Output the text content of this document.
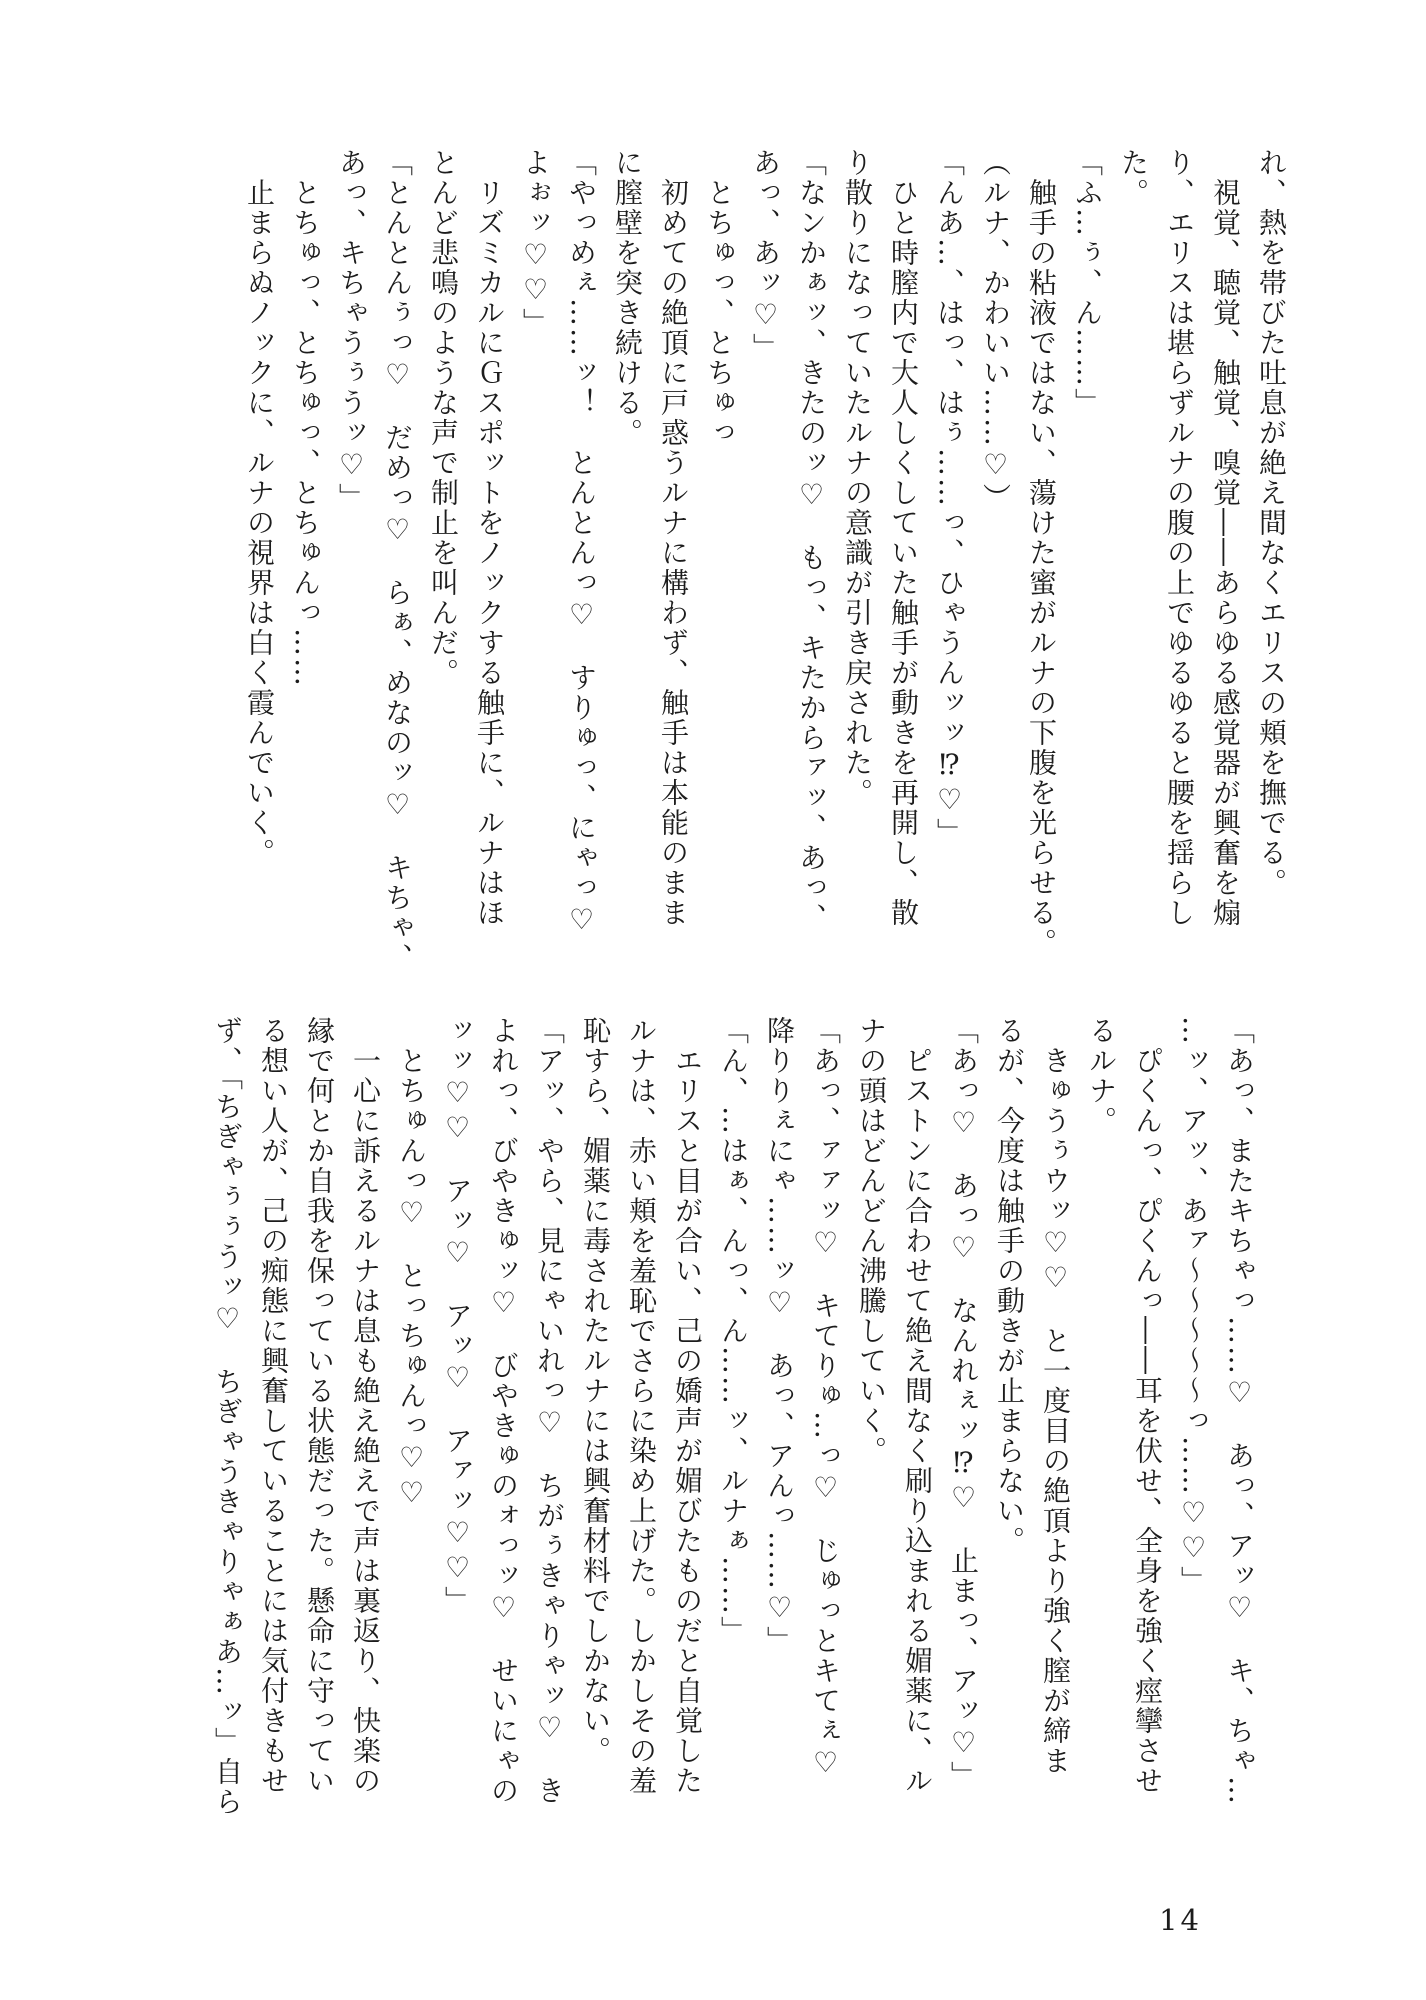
れ、熱を帯びた吐息が絶え間なくエリスの頬を撫でる。

　視覚、聴覚、触覚、嗅覚――あらゆる感覚器が興奮を煽

り、エリスは堪らずルナの腹の上でゆるゆると腰を揺らし

た。

「ふ…ぅ、ん……」

　触手の粘液ではない、蕩けた蜜がルナの下腹を光らせる。

（ルナ、かわいい……♡）

「んあ…、はっ、はぅ……っ、ひゃうんッッ⁉♡」

　ひと時膣内で大人しくしていた触手が動きを再開し、散

り散りになっていたルナの意識が引き戻された。

「なンかぁッ、きたのッ♡　もっ、キたからァッ、あっ、

あっ、あッ♡」

　とちゅっ、とちゅっ

　初めての絶頂に戸惑うルナに構わず、触手は本能のまま

に膣壁を突き続ける。

「やっめぇ……ッ！　とんとんっ♡　すりゅっ、にゃっ♡

よぉッ♡♡」

　リズミカルにＧスポットをノックする触手に、ルナはほ

とんど悲鳴のような声で制止を叫んだ。

「とんとんぅっ♡　だめっ♡　らぁ、めなのッ♡　キちゃ、

あっ、キちゃうぅうッ♡」

　とちゅっ、とちゅっ、とちゅんっ……

　止まらぬノックに、ルナの視界は白く霞んでいく。

「あっ、またキちゃっ……♡　あっ、アッ♡　キ、ちゃ…

…ッ、アッ、あァ～～～～～っ……♡♡」

　ぴくんっ、ぴくんっ――耳を伏せ、全身を強く痙攣させ

るルナ。

　きゅうぅウッ♡♡　と一度目の絶頂より強く膣が締ま

るが、今度は触手の動きが止まらない。

「あっ♡　あっ♡　なんれぇッ⁉♡　止まっ、アッ♡」

　ピストンに合わせて絶え間なく刷り込まれる媚薬に、ル

ナの頭はどんどん沸騰していく。

「あっ、ァァッ♡　キてりゅ…っ♡　じゅっとキてぇ♡

降りりぇにゃ……ッ♡　あっ、アんっ……♡」

「ん、…はぁ、んっ、ん……ッ、ルナぁ……」

　エリスと目が合い、己の嬌声が媚びたものだと自覚した

ルナは、赤い頬を羞恥でさらに染め上げた。しかしその羞

恥すら、媚薬に毒されたルナには興奮材料でしかない。

「アッ、やら、見にゃいれっ♡　ちがぅきゃりゃッ♡　き

よれっ、びやきゅッ♡　びやきゅのォっッ♡　せいにゃの

ッッ♡♡　アッ♡　アッ♡　アァッ♡♡」

　とちゅんっ♡　とっちゅんっ♡♡

　一心に訴えるルナは息も絶え絶えで声は裏返り、快楽の

縁で何とか自我を保っている状態だった。懸命に守ってい

る想い人が、己の痴態に興奮していることには気付きもせ

ず、「ちぎゃぅぅうッ♡　ちぎゃうきゃりゃぁあ…ッ」自ら

14
